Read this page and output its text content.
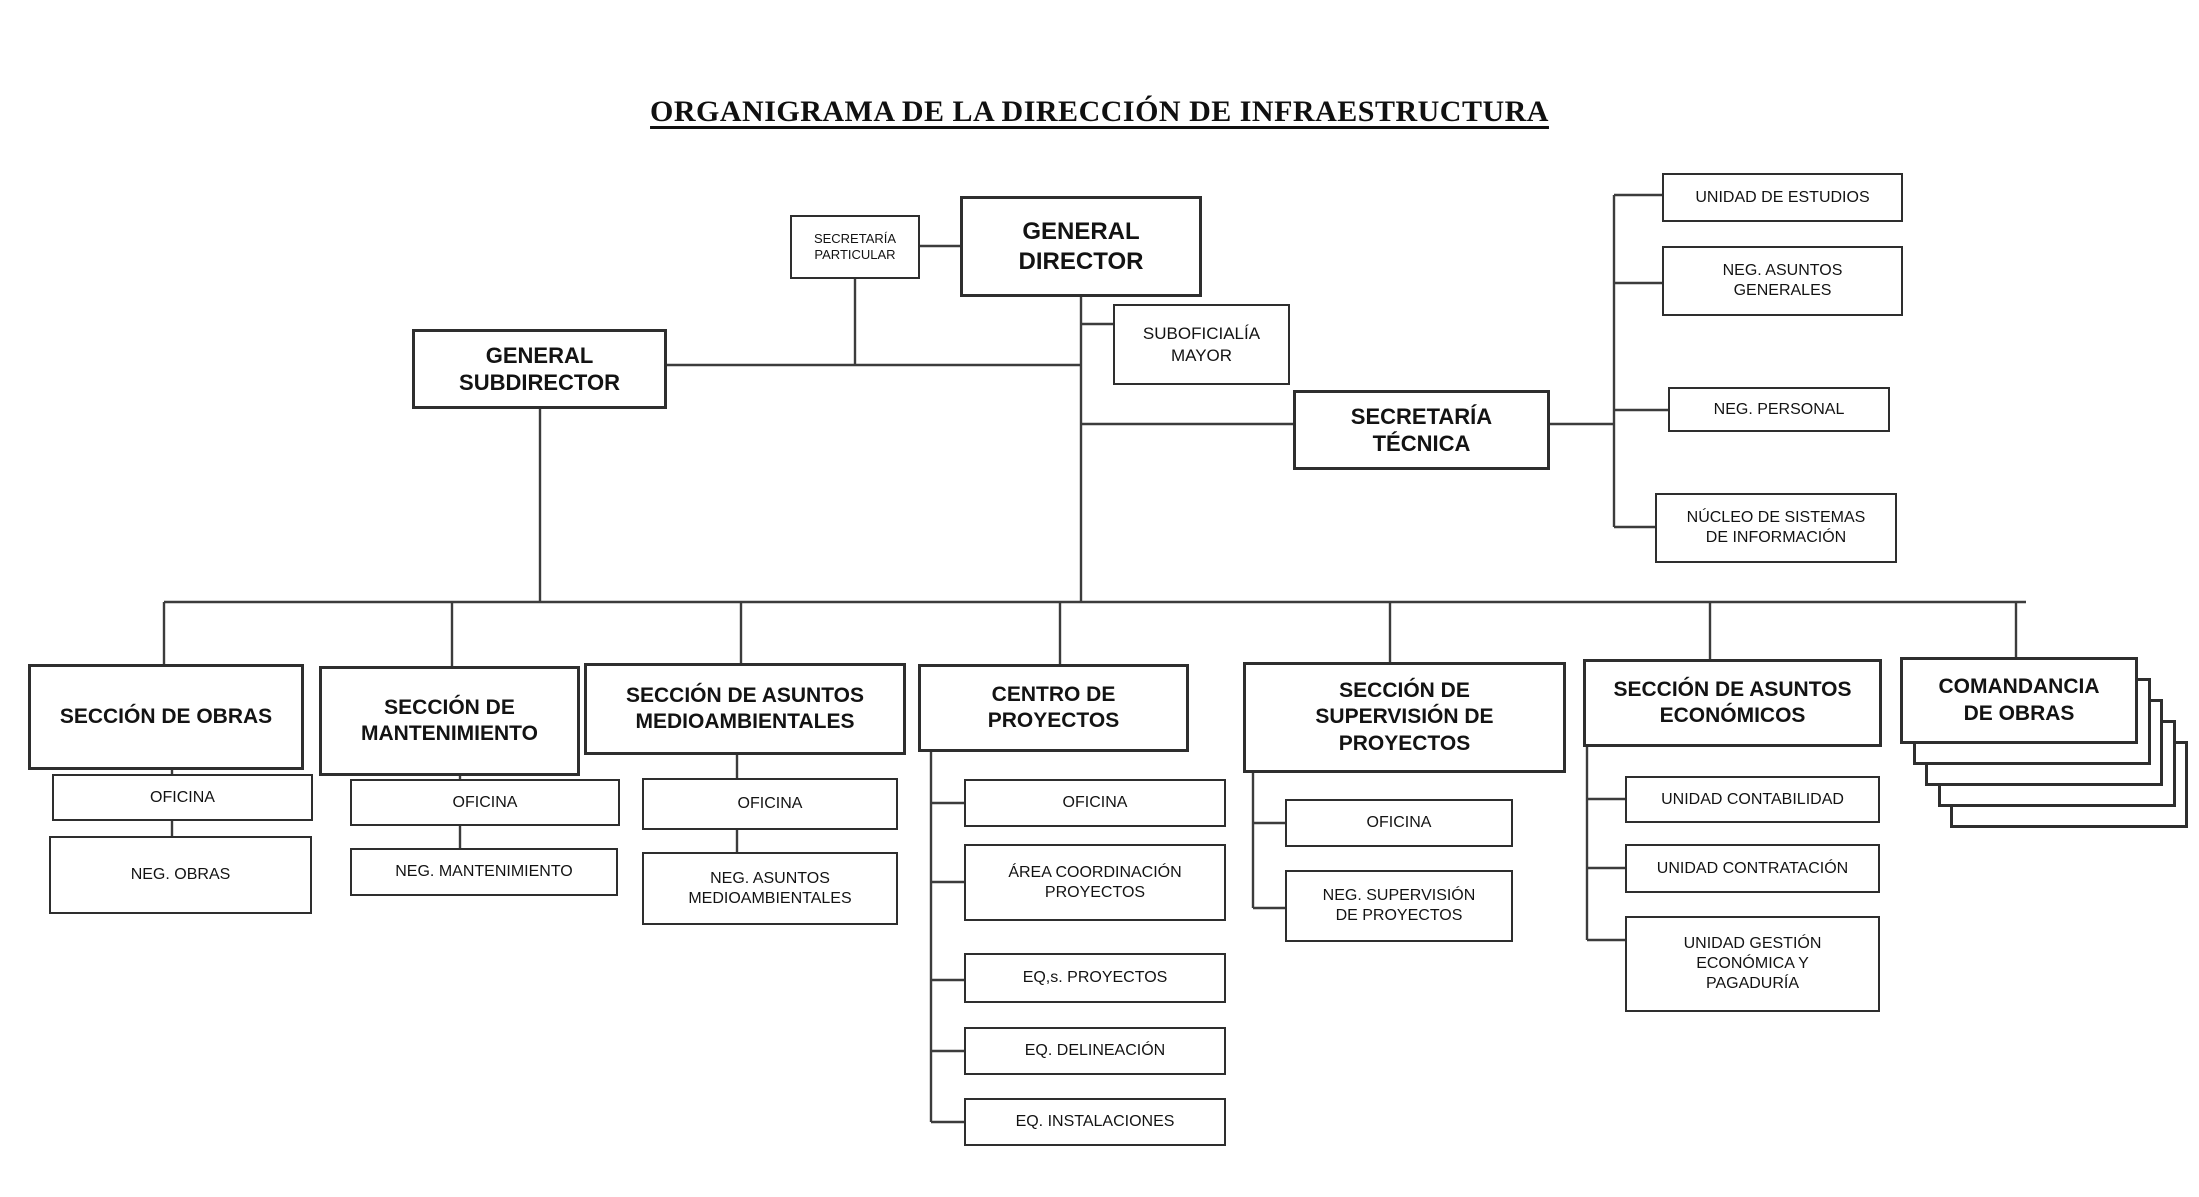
ORGANIGRAMA DE LA DIRECCIÓN DE INFRAESTRUCTURA
SECRETARÍA
PARTICULAR
GENERAL
DIRECTOR
GENERAL
SUBDIRECTOR
SUBOFICIALÍA
MAYOR
SECRETARÍA
TÉCNICA
UNIDAD DE ESTUDIOS
NEG. ASUNTOS
GENERALES
NEG. PERSONAL
NÚCLEO DE SISTEMAS
DE INFORMACIÓN
SECCIÓN DE OBRAS
OFICINA
NEG. OBRAS
SECCIÓN DE
MANTENIMIENTO
OFICINA
NEG. MANTENIMIENTO
SECCIÓN DE ASUNTOS
MEDIOAMBIENTALES
OFICINA
NEG. ASUNTOS
MEDIOAMBIENTALES
CENTRO DE
PROYECTOS
OFICINA
ÁREA COORDINACIÓN
PROYECTOS
EQ,s. PROYECTOS
EQ. DELINEACIÓN
EQ. INSTALACIONES
SECCIÓN DE
SUPERVISIÓN DE
PROYECTOS
OFICINA
NEG. SUPERVISIÓN
DE PROYECTOS
SECCIÓN DE ASUNTOS
ECONÓMICOS
UNIDAD CONTABILIDAD
UNIDAD CONTRATACIÓN
UNIDAD GESTIÓN
ECONÓMICA Y
PAGADURÍA
COMANDANCIA
DE OBRAS
